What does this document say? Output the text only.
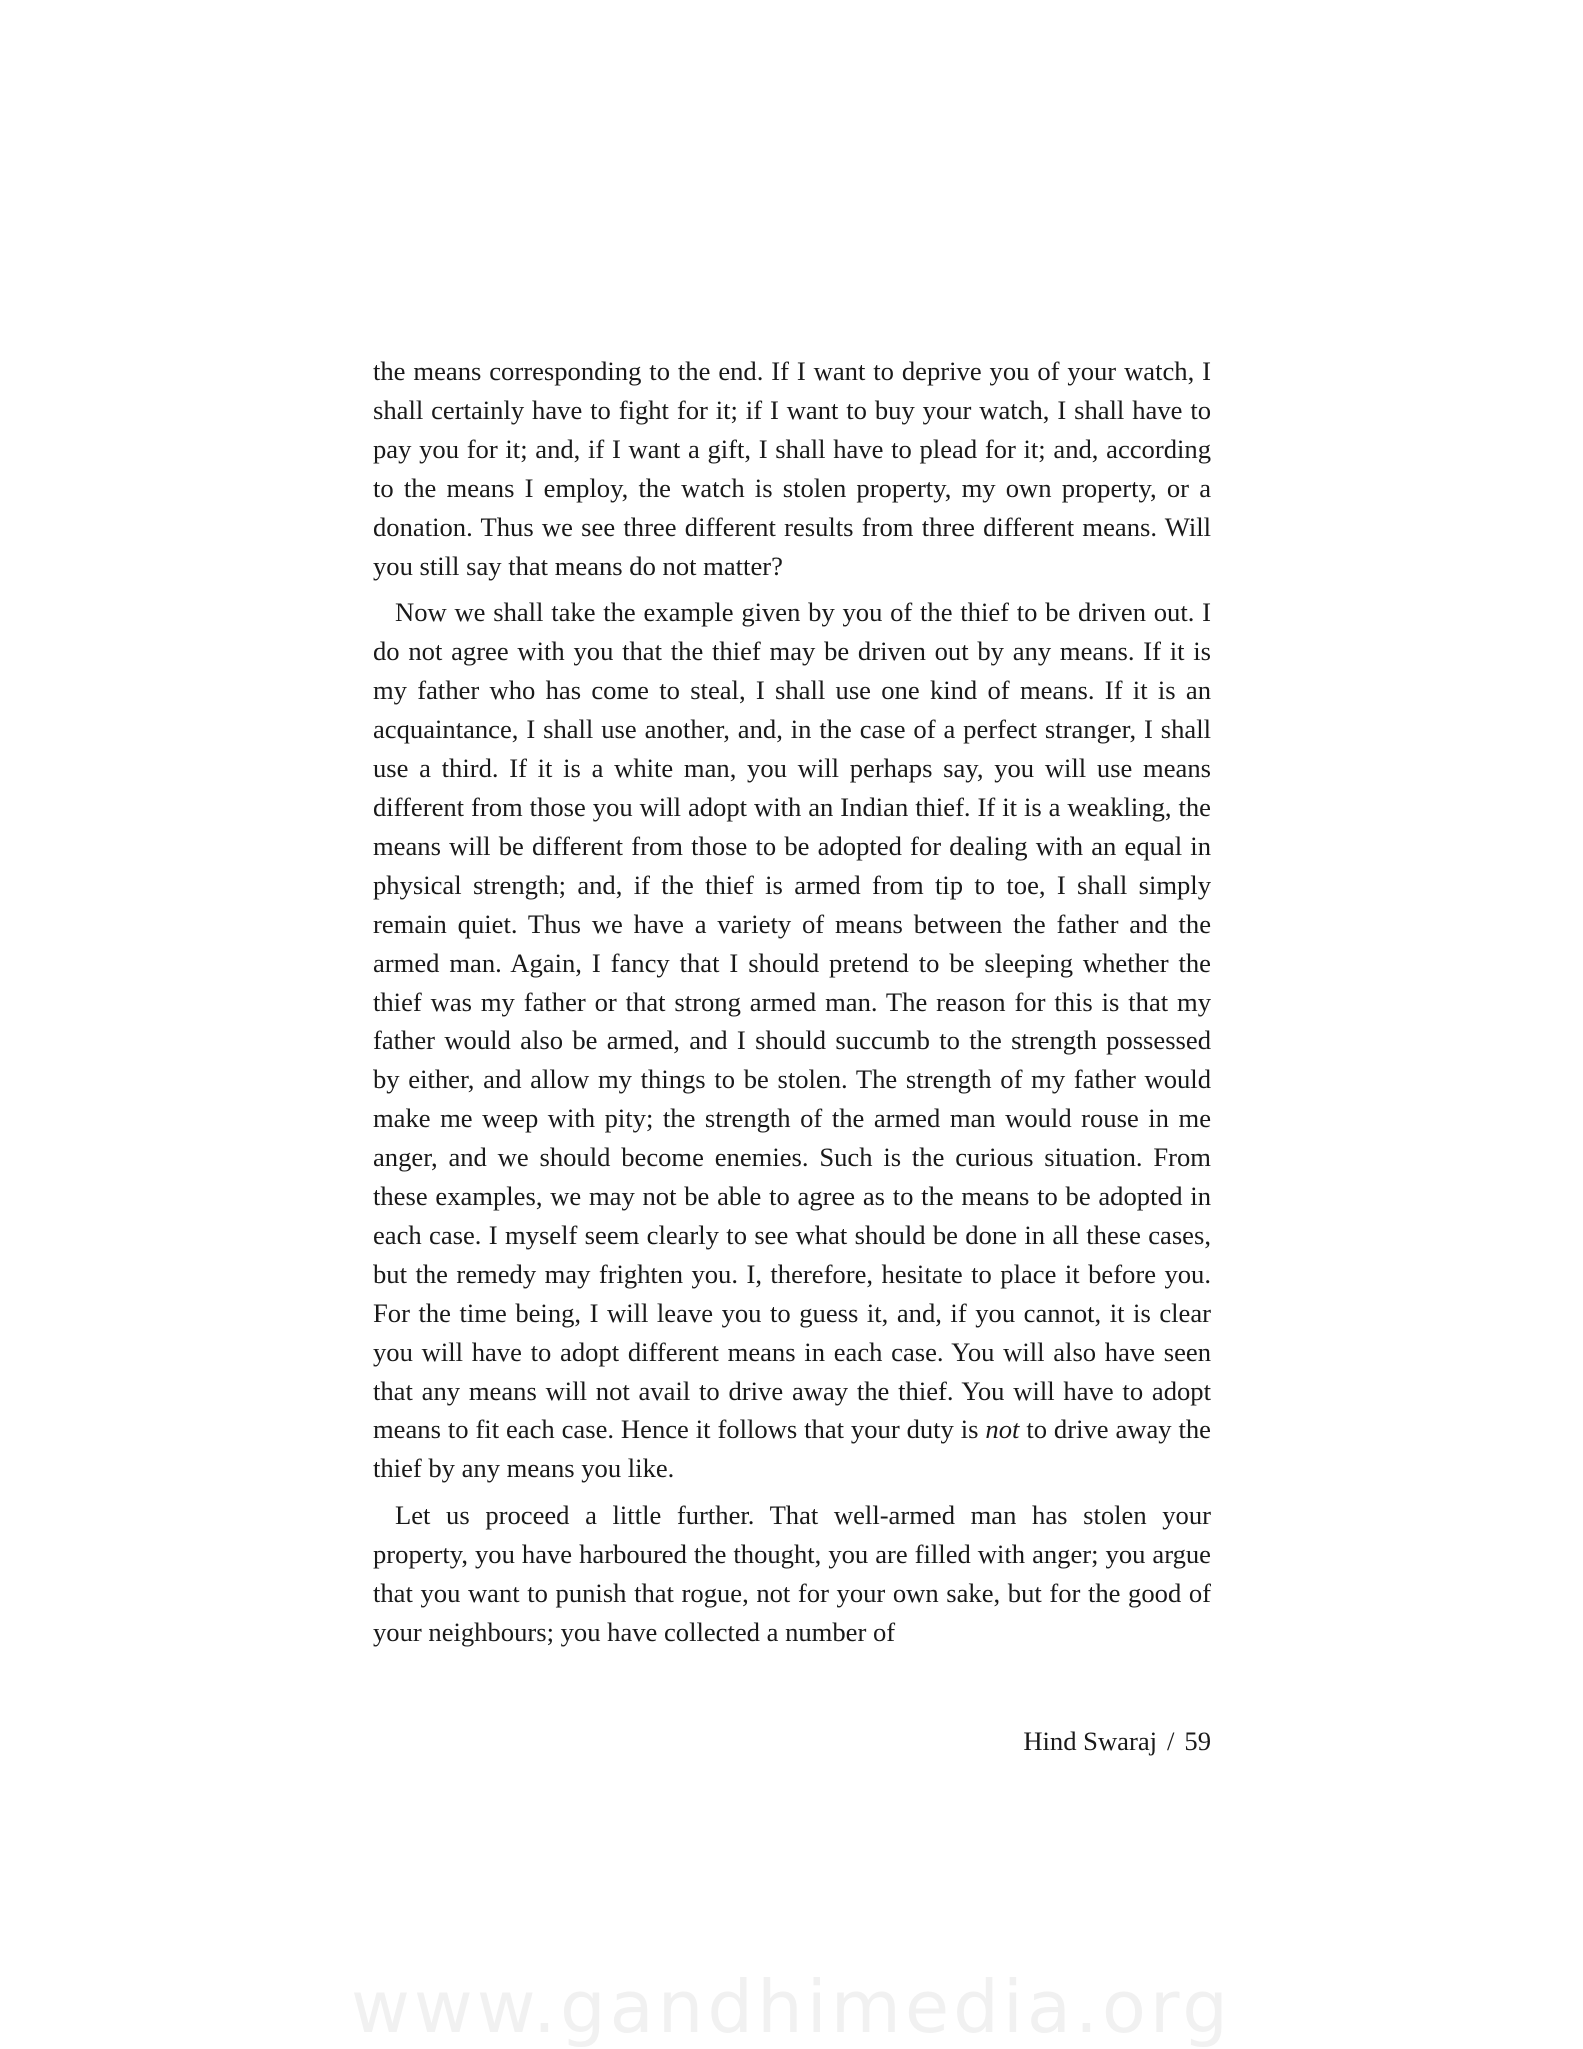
the means corresponding to the end. If I want to deprive you of your watch, I shall certainly have to fight for it; if I want to buy your watch, I shall have to pay you for it; and, if I want a gift, I shall have to plead for it; and, according to the means I employ, the watch is stolen property, my own property, or a donation. Thus we see three different results from three different means. Will you still say that means do not matter?

Now we shall take the example given by you of the thief to be driven out. I do not agree with you that the thief may be driven out by any means. If it is my father who has come to steal, I shall use one kind of means. If it is an acquaintance, I shall use another, and, in the case of a perfect stranger, I shall use a third. If it is a white man, you will perhaps say, you will use means different from those you will adopt with an Indian thief. If it is a weakling, the means will be different from those to be adopted for dealing with an equal in physical strength; and, if the thief is armed from tip to toe, I shall simply remain quiet. Thus we have a variety of means between the father and the armed man. Again, I fancy that I should pretend to be sleeping whether the thief was my father or that strong armed man. The reason for this is that my father would also be armed, and I should succumb to the strength possessed by either, and allow my things to be stolen. The strength of my father would make me weep with pity; the strength of the armed man would rouse in me anger, and we should become enemies. Such is the curious situation. From these examples, we may not be able to agree as to the means to be adopted in each case. I myself seem clearly to see what should be done in all these cases, but the remedy may frighten you. I, therefore, hesitate to place it before you. For the time being, I will leave you to guess it, and, if you cannot, it is clear you will have to adopt different means in each case. You will also have seen that any means will not avail to drive away the thief. You will have to adopt means to fit each case. Hence it follows that your duty is not to drive away the thief by any means you like.

Let us proceed a little further. That well-armed man has stolen your property, you have harboured the thought, you are filled with anger; you argue that you want to punish that rogue, not for your own sake, but for the good of your neighbours; you have collected a number of

Hind Swaraj / 59
www.gandhimedia.org
